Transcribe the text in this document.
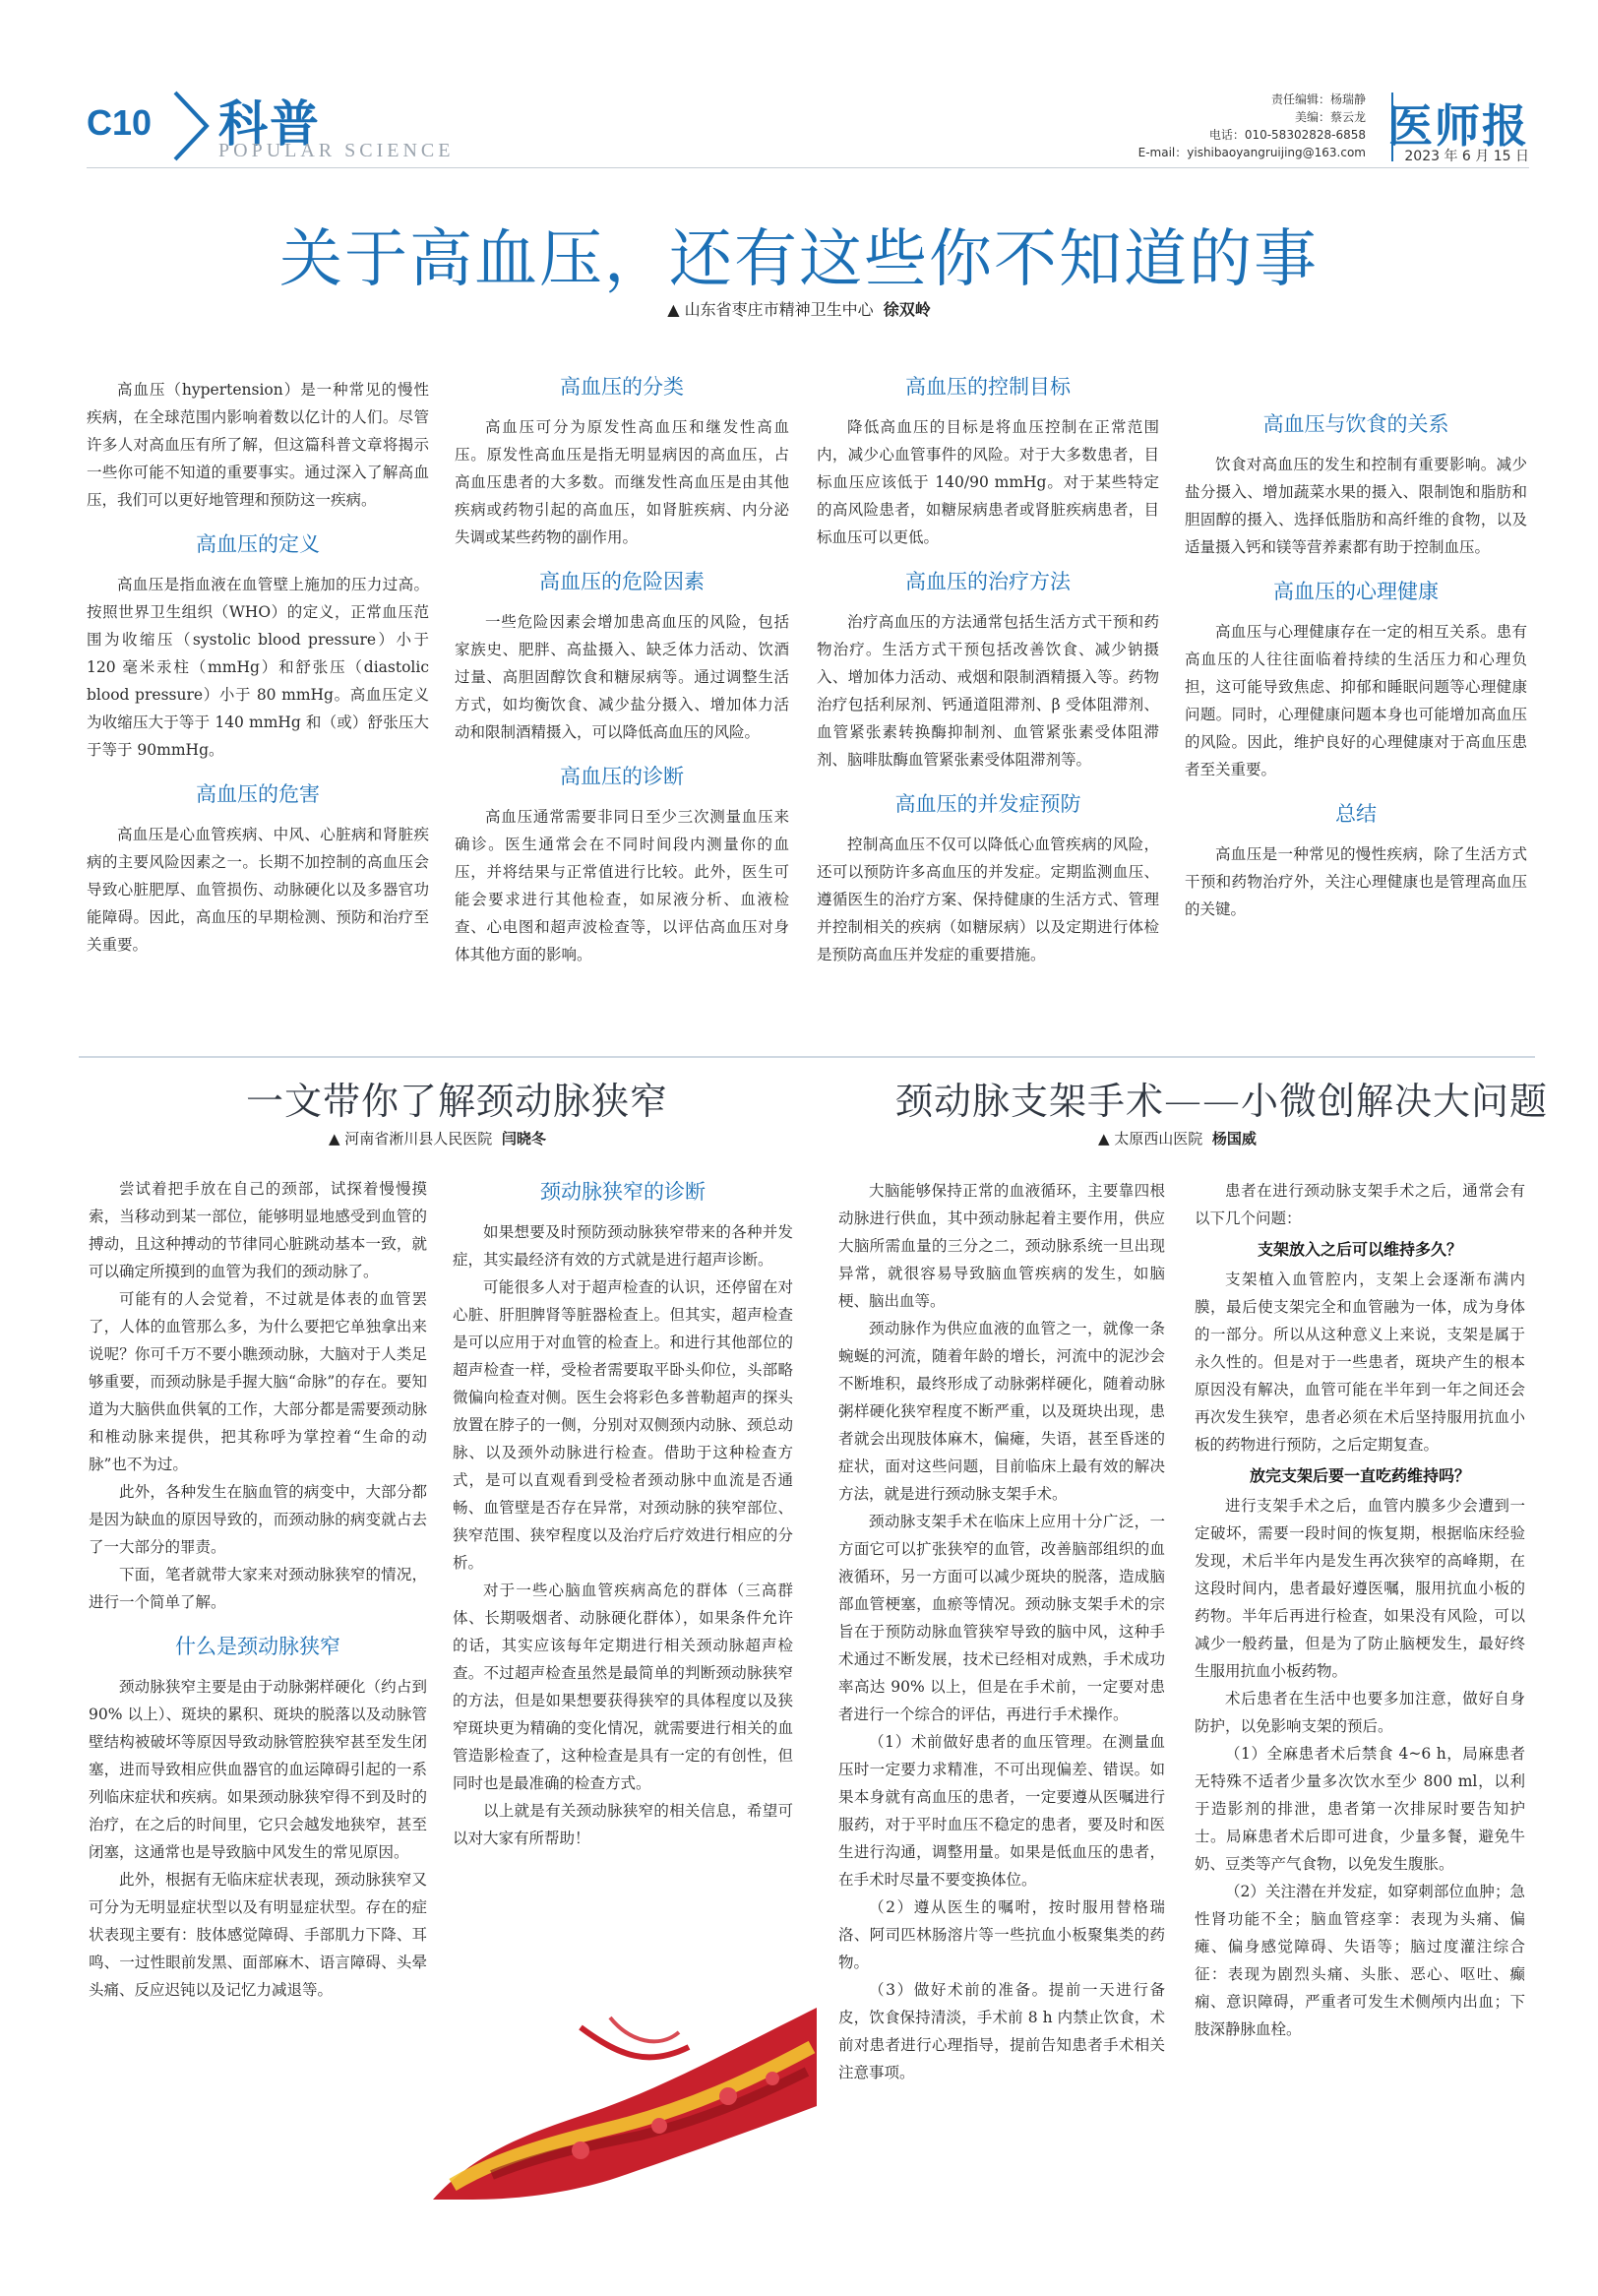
C10 科普
POPULAR SCIENCE
责任编辑：杨瑞静
美编：蔡云龙
电话：010-58302828-6858
E-mail：yishibaoyangruijing@163.com 医师报
2023 年 6 月 15 日
关于高血压，还有这些你不知道的事
▲ 山东省枣庄市精神卫生中心 徐双岭

高血压（hypertension）是一种常见的慢性疾病，在全球范围内影响着数以亿计的人们。尽管许多人对高血压有所了解，但这篇科普文章将揭示一些你可能不知道的重要事实。通过深入了解高血压，我们可以更好地管理和预防这一疾病。

高血压的定义

高血压是指血液在血管壁上施加的压力过高。按照世界卫生组织（WHO）的定义，正常血压范围为收缩压（systolic blood pressure）小于 120 毫米汞柱（mmHg）和舒张压（diastolic blood pressure）小于 80 mmHg。高血压定义为收缩压大于等于 140 mmHg 和（或）舒张压大于等于 90mmHg。

高血压的危害

高血压是心血管疾病、中风、心脏病和肾脏疾病的主要风险因素之一。长期不加控制的高血压会导致心脏肥厚、血管损伤、动脉硬化以及多器官功能障碍。因此，高血压的早期检测、预防和治疗至关重要。

高血压的分类

高血压可分为原发性高血压和继发性高血压。原发性高血压是指无明显病因的高血压，占高血压患者的大多数。而继发性高血压是由其他疾病或药物引起的高血压，如肾脏疾病、内分泌失调或某些药物的副作用。

高血压的危险因素

一些危险因素会增加患高血压的风险，包括家族史、肥胖、高盐摄入、缺乏体力活动、饮酒过量、高胆固醇饮食和糖尿病等。通过调整生活方式，如均衡饮食、减少盐分摄入、增加体力活动和限制酒精摄入，可以降低高血压的风险。

高血压的诊断

高血压通常需要非同日至少三次测量血压来确诊。医生通常会在不同时间段内测量你的血压，并将结果与正常值进行比较。此外，医生可能会要求进行其他检查，如尿液分析、血液检查、心电图和超声波检查等，以评估高血压对身体其他方面的影响。

高血压的控制目标

降低高血压的目标是将血压控制在正常范围内，减少心血管事件的风险。对于大多数患者，目标血压应该低于 140/90 mmHg。对于某些特定的高风险患者，如糖尿病患者或肾脏疾病患者，目标血压可以更低。

高血压的治疗方法

治疗高血压的方法通常包括生活方式干预和药物治疗。生活方式干预包括改善饮食、减少钠摄入、增加体力活动、戒烟和限制酒精摄入等。药物治疗包括利尿剂、钙通道阻滞剂、β 受体阻滞剂、血管紧张素转换酶抑制剂、血管紧张素受体阻滞剂、脑啡肽酶血管紧张素受体阻滞剂等。

高血压的并发症预防

控制高血压不仅可以降低心血管疾病的风险，还可以预防许多高血压的并发症。定期监测血压、遵循医生的治疗方案、保持健康的生活方式、管理并控制相关的疾病（如糖尿病）以及定期进行体检是预防高血压并发症的重要措施。

高血压与饮食的关系

饮食对高血压的发生和控制有重要影响。减少盐分摄入、增加蔬菜水果的摄入、限制饱和脂肪和胆固醇的摄入、选择低脂肪和高纤维的食物，以及适量摄入钙和镁等营养素都有助于控制血压。

高血压的心理健康

高血压与心理健康存在一定的相互关系。患有高血压的人往往面临着持续的生活压力和心理负担，这可能导致焦虑、抑郁和睡眠问题等心理健康问题。同时，心理健康问题本身也可能增加高血压的风险。因此，维护良好的心理健康对于高血压患者至关重要。

总结

高血压是一种常见的慢性疾病，除了生活方式干预和药物治疗外，关注心理健康也是管理高血压的关键。

一文带你了解颈动脉狭窄
▲ 河南省淅川县人民医院 闫晓冬

尝试着把手放在自己的颈部，试探着慢慢摸索，当移动到某一部位，能够明显地感受到血管的搏动，且这种搏动的节律同心脏跳动基本一致，就可以确定所摸到的血管为我们的颈动脉了。

可能有的人会觉着，不过就是体表的血管罢了，人体的血管那么多，为什么要把它单独拿出来说呢？你可千万不要小瞧颈动脉，大脑对于人类足够重要，而颈动脉是手握大脑“命脉”的存在。要知道为大脑供血供氧的工作，大部分都是需要颈动脉和椎动脉来提供，把其称呼为掌控着“生命的动脉”也不为过。

此外，各种发生在脑血管的病变中，大部分都是因为缺血的原因导致的，而颈动脉的病变就占去了一大部分的罪责。

下面，笔者就带大家来对颈动脉狭窄的情况，进行一个简单了解。

什么是颈动脉狭窄

颈动脉狭窄主要是由于动脉粥样硬化（约占到 90% 以上）、斑块的累积、斑块的脱落以及动脉管壁结构被破坏等原因导致动脉管腔狭窄甚至发生闭塞，进而导致相应供血器官的血运障碍引起的一系列临床症状和疾病。如果颈动脉狭窄得不到及时的治疗，在之后的时间里，它只会越发地狭窄，甚至闭塞，这通常也是导致脑中风发生的常见原因。

此外，根据有无临床症状表现，颈动脉狭窄又可分为无明显症状型以及有明显症状型。存在的症状表现主要有：肢体感觉障碍、手部肌力下降、耳鸣、一过性眼前发黑、面部麻木、语言障碍、头晕头痛、反应迟钝以及记忆力减退等。

颈动脉狭窄的诊断

如果想要及时预防颈动脉狭窄带来的各种并发症，其实最经济有效的方式就是进行超声诊断。

可能很多人对于超声检查的认识，还停留在对心脏、肝胆脾肾等脏器检查上。但其实，超声检查是可以应用于对血管的检查上。和进行其他部位的超声检查一样，受检者需要取平卧头仰位，头部略微偏向检查对侧。医生会将彩色多普勒超声的探头放置在脖子的一侧，分别对双侧颈内动脉、颈总动脉、以及颈外动脉进行检查。借助于这种检查方式，是可以直观看到受检者颈动脉中血流是否通畅、血管壁是否存在异常，对颈动脉的狭窄部位、狭窄范围、狭窄程度以及治疗后疗效进行相应的分析。

对于一些心脑血管疾病高危的群体（三高群体、长期吸烟者、动脉硬化群体），如果条件允许的话，其实应该每年定期进行相关颈动脉超声检查。不过超声检查虽然是最简单的判断颈动脉狭窄的方法，但是如果想要获得狭窄的具体程度以及狭窄斑块更为精确的变化情况，就需要进行相关的血管造影检查了，这种检查是具有一定的有创性，但同时也是最准确的检查方式。

以上就是有关颈动脉狭窄的相关信息，希望可以对大家有所帮助！

颈动脉支架手术——小微创解决大问题
▲ 太原西山医院 杨国威

大脑能够保持正常的血液循环，主要靠四根动脉进行供血，其中颈动脉起着主要作用，供应大脑所需血量的三分之二，颈动脉系统一旦出现异常，就很容易导致脑血管疾病的发生，如脑梗、脑出血等。

颈动脉作为供应血液的血管之一，就像一条蜿蜒的河流，随着年龄的增长，河流中的泥沙会不断堆积，最终形成了动脉粥样硬化，随着动脉粥样硬化狭窄程度不断严重，以及斑块出现，患者就会出现肢体麻木，偏瘫，失语，甚至昏迷的症状，面对这些问题，目前临床上最有效的解决方法，就是进行颈动脉支架手术。

颈动脉支架手术在临床上应用十分广泛，一方面它可以扩张狭窄的血管，改善脑部组织的血液循环，另一方面可以减少斑块的脱落，造成脑部血管梗塞，血瘀等情况。颈动脉支架手术的宗旨在于预防动脉血管狭窄导致的脑中风，这种手术通过不断发展，技术已经相对成熟，手术成功率高达 90% 以上，但是在手术前，一定要对患者进行一个综合的评估，再进行手术操作。

（1）术前做好患者的血压管理。在测量血压时一定要力求精准，不可出现偏差、错误。如果本身就有高血压的患者，一定要遵从医嘱进行服药，对于平时血压不稳定的患者，要及时和医生进行沟通，调整用量。如果是低血压的患者，在手术时尽量不要变换体位。

（2）遵从医生的嘱咐，按时服用替格瑞洛、阿司匹林肠溶片等一些抗血小板聚集类的药物。

（3）做好术前的准备。提前一天进行备皮，饮食保持清淡，手术前 8 h 内禁止饮食，术前对患者进行心理指导，提前告知患者手术相关注意事项。

患者在进行颈动脉支架手术之后，通常会有以下几个问题：

支架放入之后可以维持多久？

支架植入血管腔内，支架上会逐渐布满内膜，最后使支架完全和血管融为一体，成为身体的一部分。所以从这种意义上来说，支架是属于永久性的。但是对于一些患者，斑块产生的根本原因没有解决，血管可能在半年到一年之间还会再次发生狭窄，患者必须在术后坚持服用抗血小板的药物进行预防，之后定期复查。

放完支架后要一直吃药维持吗？

进行支架手术之后，血管内膜多少会遭到一定破坏，需要一段时间的恢复期，根据临床经验发现，术后半年内是发生再次狭窄的高峰期，在这段时间内，患者最好遵医嘱，服用抗血小板的药物。半年后再进行检查，如果没有风险，可以减少一般药量，但是为了防止脑梗发生，最好终生服用抗血小板药物。

术后患者在生活中也要多加注意，做好自身防护，以免影响支架的预后。

（1）全麻患者术后禁食 4~6 h，局麻患者无特殊不适者少量多次饮水至少 800 ml，以利于造影剂的排泄，患者第一次排尿时要告知护士。局麻患者术后即可进食，少量多餐，避免牛奶、豆类等产气食物，以免发生腹胀。

（2）关注潜在并发症，如穿刺部位血肿；急性肾功能不全；脑血管痉挛：表现为头痛、偏瘫、偏身感觉障碍、失语等；脑过度灌注综合征：表现为剧烈头痛、头胀、恶心、呕吐、癫痫、意识障碍，严重者可发生术侧颅内出血；下肢深静脉血栓。
